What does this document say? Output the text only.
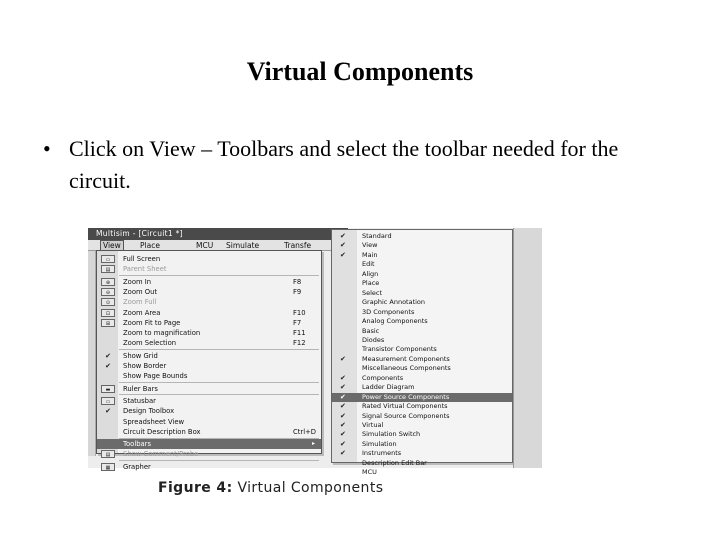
Virtual Components
• Click on View – Toolbars and select the toolbar needed for the circuit.
Multisim - [Circuit1 *]
View	Place	MCU Simulate	Transfe
▭	Full Screen
▤	Parent Sheet
⊕	Zoom In	F8
⊖	Zoom Out	F9
⊙	Zoom Full
⊡	Zoom Area	F10
⊞	Zoom Fit to Page	F7
Zoom to magnification	F11
Zoom Selection	F12
✔	Show Grid
✔	Show Border
Show Page Bounds
▬	Ruler Bars
▭	Statusbar
✔	Design Toolbox
Spreadsheet View
Circuit Description Box	Ctrl+D
Toolbars	▸
▤	Show Comment/Probe
▦	Grapher
✔ Standard
✔ View
✔ Main
Edit
Align
Place
Select
Graphic Annotation
3D Components
Analog Components
Basic
Diodes
Transistor Components
✔ Measurement Components
Miscellaneous Components
✔ Components
✔ Ladder Diagram
✔ Power Source Components
✔ Rated Virtual Components
✔ Signal Source Components
✔ Virtual
✔ Simulation Switch
✔ Simulation
✔ Instruments
Description Edit Bar
MCU
Figure 4: Virtual Components
